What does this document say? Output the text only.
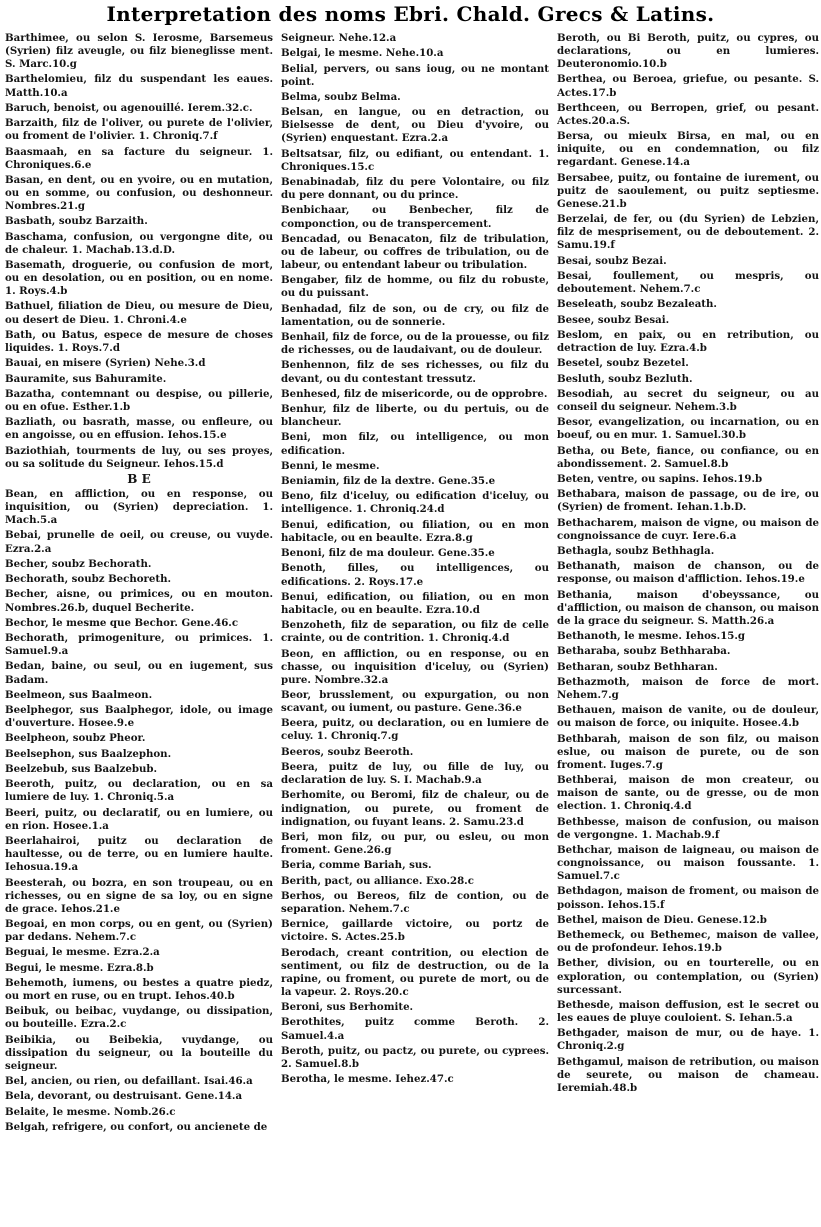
Interpretation des noms Ebri. Chald. Grecs & Latins.
Barthimee, ou selon S. Ierosme, Barsemeus (Syrien) filz aveugle, ou filz bieneglisse ment. S. Marc.10.g
Barthelomieu, filz du suspendant les eaues. Matth.10.a
Baruch, benoist, ou agenouillé. Ierem.32.c.
Barzaith, filz de l'oliver, ou purete de l'olivier, ou froment de l'olivier. 1. Chroniq.7.f
Baasmaah, en sa facture du seigneur. 1. Chroniques.6.e
Basan, en dent, ou en yvoire, ou en mutation, ou en somme, ou confusion, ou deshonneur. Nombres.21.g
Basbath, soubz Barzaith.
Baschama, confusion, ou vergongne dite, ou de chaleur. 1. Machab.13.d.D.
Basemath, droguerie, ou confusion de mort, ou en desolation, ou en position, ou en nome. 1. Roys.4.b
Bathuel, filiation de Dieu, ou mesure de Dieu, ou desert de Dieu. 1. Chroni.4.e
Bath, ou Batus, espece de mesure de choses liquides. 1. Roys.7.d
Bauai, en misere (Syrien) Nehe.3.d
Bauramite, sus Bahuramite.
Bazatha, contemnant ou despise, ou pillerie, ou en ofue. Esther.1.b
Bazliath, ou basrath, masse, ou enfleure, ou en angoisse, ou en effusion. Iehos.15.e
Baziothiah, tourments de luy, ou ses proyes, ou sa solitude du Seigneur. Iehos.15.d
B E
Bean, en affliction, ou en response, ou inquisition, ou (Syrien) depreciation. 1. Mach.5.a
Bebai, prunelle de oeil, ou creuse, ou vuyde. Ezra.2.a
Becher, soubz Bechorath.
Bechorath, soubz Bechoreth.
Becher, aisne, ou primices, ou en mouton. Nombres.26.b, duquel Becherite.
Bechor, le mesme que Bechor. Gene.46.c
Bechorath, primogeniture, ou primices. 1. Samuel.9.a
Bedan, baine, ou seul, ou en iugement, sus Badam.
Beelmeon, sus Baalmeon.
Beelphegor, sus Baalphegor, idole, ou image d'ouverture. Hosee.9.e
Beelpheon, soubz Pheor.
Beelsephon, sus Baalzephon.
Beelzebub, sus Baalzebub.
Beeroth, puitz, ou declaration, ou en sa lumiere de luy. 1. Chroniq.5.a
Beeri, puitz, ou declaratif, ou en lumiere, ou en rion. Hosee.1.a
Beerlahairoi, puitz ou declaration de haultesse, ou de terre, ou en lumiere haulte. Iehosua.19.a
Beesterah, ou bozra, en son troupeau, ou en richesses, ou en signe de sa loy, ou en signe de grace. Iehos.21.e
Begoai, en mon corps, ou en gent, ou (Syrien) par dedans. Nehem.7.c
Beguai, le mesme. Ezra.2.a
Begui, le mesme. Ezra.8.b
Behemoth, iumens, ou bestes a quatre piedz, ou mort en ruse, ou en trupt. Iehos.40.b
Beibuk, ou beibac, vuydange, ou dissipation, ou bouteille. Ezra.2.c
Beibikia, ou Beibekia, vuydange, ou dissipation du seigneur, ou la bouteille du seigneur.
Bel, ancien, ou rien, ou defaillant. Isai.46.a
Bela, devorant, ou destruisant. Gene.14.a
Belaite, le mesme. Nomb.26.c
Belgah, refrigere, ou confort, ou ancienete de
Seigneur. Nehe.12.a
Belgai, le mesme. Nehe.10.a
Belial, pervers, ou sans ioug, ou ne montant point.
Belma, soubz Belma.
Belsan, en langue, ou en detraction, ou Bielsesse de dent, ou Dieu d'yvoire, ou (Syrien) enquestant. Ezra.2.a
Beltsatsar, filz, ou edifiant, ou entendant. 1. Chroniques.15.c
Benabinadab, filz du pere Volontaire, ou filz du pere donnant, ou du prince.
Benbichaar, ou Benbecher, filz de componction, ou de transpercement.
Bencadad, ou Benacaton, filz de tribulation, ou de labeur, ou coffres de tribulation, ou de labeur, ou entendant labeur ou tribulation.
Bengaber, filz de homme, ou filz du robuste, ou du puissant.
Benhadad, filz de son, ou de cry, ou filz de lamentation, ou de sonnerie.
Benhail, filz de force, ou de la prouesse, ou filz de richesses, ou de laudaivant, ou de douleur.
Benhennon, filz de ses richesses, ou filz du devant, ou du contestant tressutz.
Benhesed, filz de misericorde, ou de opprobre.
Benhur, filz de liberte, ou du pertuis, ou de blancheur.
Beni, mon filz, ou intelligence, ou mon edification.
Benni, le mesme.
Beniamin, filz de la dextre. Gene.35.e
Beno, filz d'iceluy, ou edification d'iceluy, ou intelligence. 1. Chroniq.24.d
Benui, edification, ou filiation, ou en mon habitacle, ou en beaulte. Ezra.8.g
Benoni, filz de ma douleur. Gene.35.e
Benoth, filles, ou intelligences, ou edifications. 2. Roys.17.e
Benui, edification, ou filiation, ou en mon habitacle, ou en beaulte. Ezra.10.d
Benzoheth, filz de separation, ou filz de celle crainte, ou de contrition. 1. Chroniq.4.d
Beon, en affliction, ou en response, ou en chasse, ou inquisition d'iceluy, ou (Syrien) pure. Nombre.32.a
Beor, brusslement, ou expurgation, ou non scavant, ou iument, ou pasture. Gene.36.e
Beera, puitz, ou declaration, ou en lumiere de celuy. 1. Chroniq.7.g
Beeros, soubz Beeroth.
Beera, puitz de luy, ou fille de luy, ou declaration de luy. S. I. Machab.9.a
Berhomite, ou Beromi, filz de chaleur, ou de indignation, ou purete, ou froment de indignation, ou fuyant leans. 2. Samu.23.d
Beri, mon filz, ou pur, ou esleu, ou mon froment. Gene.26.g
Beria, comme Bariah, sus.
Berith, pact, ou alliance. Exo.28.c
Berhos, ou Bereos, filz de contion, ou de separation. Nehem.7.c
Bernice, gaillarde victoire, ou portz de victoire. S. Actes.25.b
Berodach, creant contrition, ou election de sentiment, ou filz de destruction, ou de la rapine, ou froment, ou purete de mort, ou de la vapeur. 2. Roys.20.c
Beroni, sus Berhomite.
Berothites, puitz comme Beroth. 2. Samuel.4.a
Beroth, puitz, ou pactz, ou purete, ou cyprees. 2. Samuel.8.b
Berotha, le mesme. Iehez.47.c
Beroth, ou Bi Beroth, puitz, ou cypres, ou declarations, ou en lumieres. Deuteronomio.10.b
Berthea, ou Beroea, griefue, ou pesante. S. Actes.17.b
Berthceen, ou Berropen, grief, ou pesant. Actes.20.a.S.
Bersa, ou mieulx Birsa, en mal, ou en iniquite, ou en condemnation, ou filz regardant. Genese.14.a
Bersabee, puitz, ou fontaine de iurement, ou puitz de saoulement, ou puitz septiesme. Genese.21.b
Berzelai, de fer, ou (du Syrien) de Lebzien, filz de mesprisement, ou de deboutement. 2. Samu.19.f
Besai, soubz Bezai.
Besai, foullement, ou mespris, ou deboutement. Nehem.7.c
Beseleath, soubz Bezaleath.
Besee, soubz Besai.
Beslom, en paix, ou en retribution, ou detraction de luy. Ezra.4.b
Besetel, soubz Bezetel.
Besluth, soubz Bezluth.
Besodiah, au secret du seigneur, ou au conseil du seigneur. Nehem.3.b
Besor, evangelization, ou incarnation, ou en boeuf, ou en mur. 1. Samuel.30.b
Betha, ou Bete, fiance, ou confiance, ou en abondissement. 2. Samuel.8.b
Beten, ventre, ou sapins. Iehos.19.b
Bethabara, maison de passage, ou de ire, ou (Syrien) de froment. Iehan.1.b.D.
Bethacharem, maison de vigne, ou maison de congnoissance de cuyr. Iere.6.a
Bethagla, soubz Bethhagla.
Bethanath, maison de chanson, ou de response, ou maison d'affliction. Iehos.19.e
Bethania, maison d'obeyssance, ou d'affliction, ou maison de chanson, ou maison de la grace du seigneur. S. Matth.26.a
Bethanoth, le mesme. Iehos.15.g
Betharaba, soubz Bethharaba.
Betharan, soubz Bethharan.
Bethazmoth, maison de force de mort. Nehem.7.g
Bethauen, maison de vanite, ou de douleur, ou maison de force, ou iniquite. Hosee.4.b
Bethbarah, maison de son filz, ou maison eslue, ou maison de purete, ou de son froment. Iuges.7.g
Bethberai, maison de mon createur, ou maison de sante, ou de gresse, ou de mon election. 1. Chroniq.4.d
Bethbesse, maison de confusion, ou maison de vergongne. 1. Machab.9.f
Bethchar, maison de laigneau, ou maison de congnoissance, ou maison foussante. 1. Samuel.7.c
Bethdagon, maison de froment, ou maison de poisson. Iehos.15.f
Bethel, maison de Dieu. Genese.12.b
Bethemeck, ou Bethemec, maison de vallee, ou de profondeur. Iehos.19.b
Bether, division, ou en tourterelle, ou en exploration, ou contemplation, ou (Syrien) surcessant.
Bethesde, maison deffusion, est le secret ou les eaues de pluye couloient. S. Iehan.5.a
Bethgader, maison de mur, ou de haye. 1. Chroniq.2.g
Bethgamul, maison de retribution, ou maison de seurete, ou maison de chameau. Ieremiah.48.b
